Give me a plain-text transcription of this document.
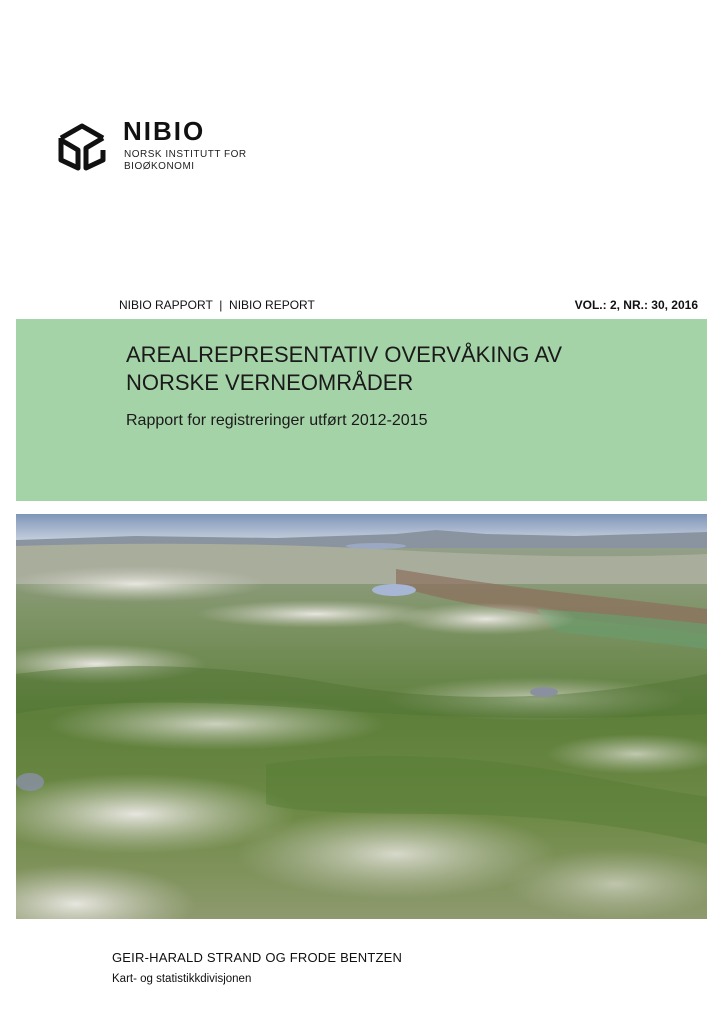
NIBIO
NORSK INSTITUTT FOR
BIOØKONOMI
NIBIO RAPPORT  |  NIBIO REPORT	VOL.: 2, NR.: 30, 2016
AREALREPRESENTATIV OVERVÅKING AV
NORSKE VERNEOMRÅDER

Rapport for registreringer utført 2012-2015

GEIR-HARALD STRAND OG FRODE BENTZEN
Kart- og statistikkdivisjonen
